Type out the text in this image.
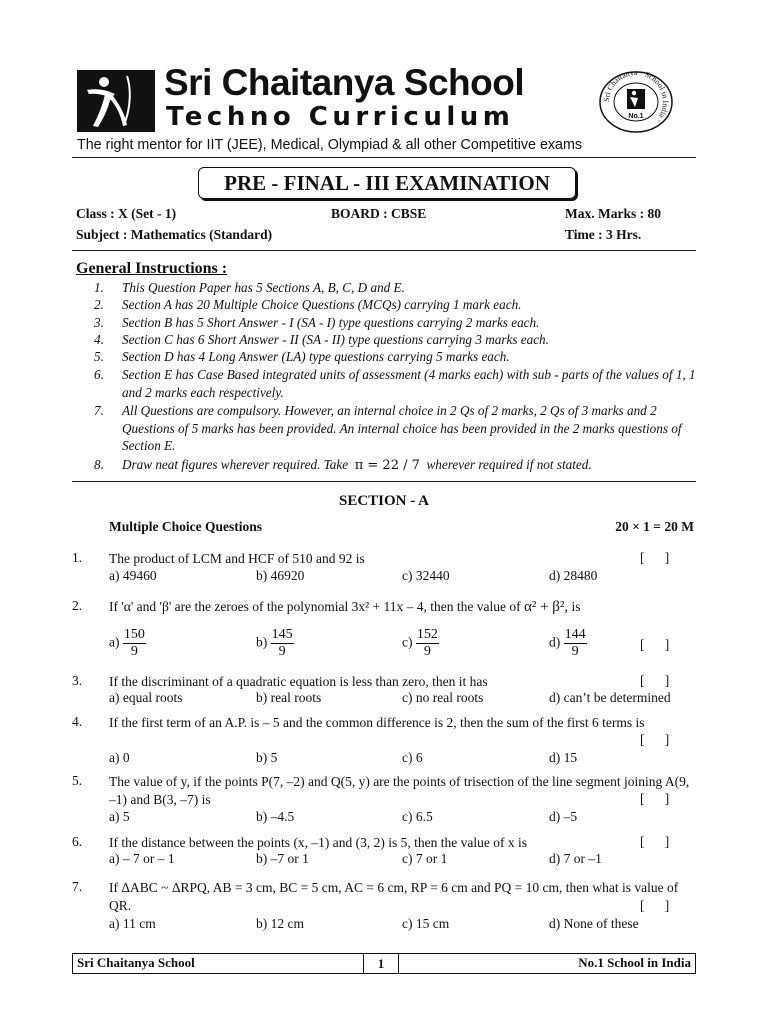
Sri Chaitanya School
Techno Curriculum
Sri Chaitanya · School in India ·
No.1
The right mentor for IIT (JEE), Medical, Olympiad & all other Competitive exams
PRE - FINAL - III EXAMINATION
Class : X (Set - 1)	BOARD : CBSE	Max. Marks : 80
Subject : Mathematics (Standard)	Time : 3 Hrs.
General Instructions :
1. This Question Paper has 5 Sections A, B, C, D and E.
2. Section A has 20 Multiple Choice Questions (MCQs) carrying 1 mark each.
3. Section B has 5 Short Answer - I (SA - I) type questions carrying 2 marks each.
4. Section C has 6 Short Answer - II (SA - II) type questions carrying 3 marks each.
5. Section D has 4 Long Answer (LA) type questions carrying 5 marks each.
6. Section E has Case Based integrated units of assessment (4 marks each) with sub - parts of the values of 1, 1 and 2 marks each respectively.
7. All Questions are compulsory. However, an internal choice in 2 Qs of 2 marks, 2 Qs of 3 marks and 2 Questions of 5 marks has been provided. An internal choice has been provided in the 2 marks questions of Section E.
8. Draw neat figures wherever required. Take π = 22 / 7 wherever required if not stated.
SECTION - A
Multiple Choice Questions	20 × 1 = 20 M
1. The product of LCM and HCF of 510 and 92 is	[      ]
a) 49460	b) 46920	c) 32440	d) 28480
2. If 'α' and 'β' are the zeroes of the polynomial 3x² + 11x – 4, then the value of α² + β², is
$a) \frac{150}{9}$	$b) \frac{145}{9}$	$c) \frac{152}{9}$	$d) \frac{144}{9}$	[      ]
3. If the discriminant of a quadratic equation is less than zero, then it has	[      ]
a) equal roots	b) real roots	c) no real roots	d) can’t be determined
4. If the first term of an A.P. is – 5 and the common difference is 2, then the sum of the first 6 terms is
[      ]
a) 0	b) 5	c) 6	d) 15
5. The value of y, if the points P(7, –2) and Q(5, y) are the points of trisection of the line segment joining A(9, –1) and B(3, –7) is	[      ]
a) 5	b) –4.5	c) 6.5	d) –5
6. If the distance between the points (x, –1) and (3, 2) is 5, then the value of x is	[      ]
a) – 7 or – 1	b) –7 or 1	c) 7 or 1	d) 7 or –1
7. If ΔABC ~ ΔRPQ, AB = 3 cm, BC = 5 cm, AC = 6 cm, RP = 6 cm and PQ = 10 cm, then what is value of QR.	[      ]
a) 11 cm	b) 12 cm	c) 15 cm	d) None of these
Sri Chaitanya School	1	No.1 School in India
